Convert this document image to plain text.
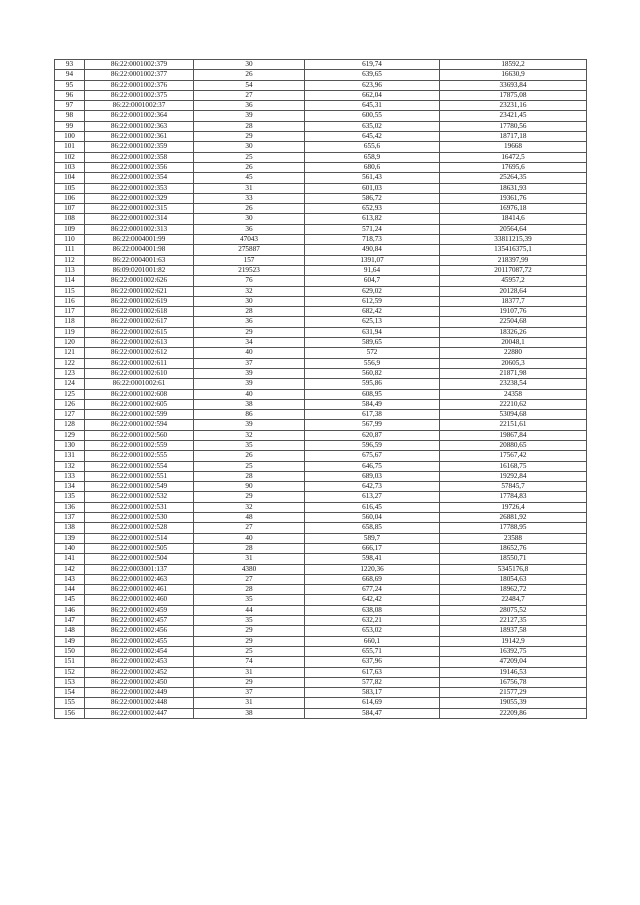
93	86:22:0001002:379	30	619,74	18592,2
94	86:22:0001002:377	26	639,65	16630,9
95	86:22:0001002:376	54	623,96	33693,84
96	86:22:0001002:375	27	662,04	17875,08
97	86:22:0001002:37	36	645,31	23231,16
98	86:22:0001002:364	39	600,55	23421,45
99	86:22:0001002:363	28	635,02	17780,56
100	86:22:0001002:361	29	645,42	18717,18
101	86:22:0001002:359	30	655,6	19668
102	86:22:0001002:358	25	658,9	16472,5
103	86:22:0001002:356	26	680,6	17695,6
104	86:22:0001002:354	45	561,43	25264,35
105	86:22:0001002:353	31	601,03	18631,93
106	86:22:0001002:329	33	586,72	19361,76
107	86:22:0001002:315	26	652,93	16976,18
108	86:22:0001002:314	30	613,82	18414,6
109	86:22:0001002:313	36	571,24	20564,64
110	86:22:0004001:99	47043	718,73	33811215,39
111	86:22:0004001:98	275887	490,84	135416375,1
112	86:22:0004001:63	157	1391,07	218397,99
113	86:09:0201001:82	219523	91,64	20117087,72
114	86:22:0001002:626	76	604,7	45957,2
115	86:22:0001002:621	32	629,02	20128,64
116	86:22:0001002:619	30	612,59	18377,7
117	86:22:0001002:618	28	682,42	19107,76
118	86:22:0001002:617	36	625,13	22504,68
119	86:22:0001002:615	29	631,94	18326,26
120	86:22:0001002:613	34	589,65	20048,1
121	86:22:0001002:612	40	572	22880
122	86:22:0001002:611	37	556,9	20605,3
123	86:22:0001002:610	39	560,82	21871,98
124	86:22:0001002:61	39	595,86	23238,54
125	86:22:0001002:608	40	608,95	24358
126	86:22:0001002:605	38	584,49	22210,62
127	86:22:0001002:599	86	617,38	53094,68
128	86:22:0001002:594	39	567,99	22151,61
129	86:22:0001002:560	32	620,87	19867,84
130	86:22:0001002:559	35	596,59	20880,65
131	86:22:0001002:555	26	675,67	17567,42
132	86:22:0001002:554	25	646,75	16168,75
133	86:22:0001002:551	28	689,03	19292,84
134	86:22:0001002:549	90	642,73	57845,7
135	86:22:0001002:532	29	613,27	17784,83
136	86:22:0001002:531	32	616,45	19726,4
137	86:22:0001002:530	48	560,04	26881,92
138	86:22:0001002:528	27	658,85	17788,95
139	86:22:0001002:514	40	589,7	23588
140	86:22:0001002:505	28	666,17	18652,76
141	86:22:0001002:504	31	598,41	18550,71
142	86:22:0003001:137	4380	1220,36	5345176,8
143	86:22:0001002:463	27	668,69	18054,63
144	86:22:0001002:461	28	677,24	18962,72
145	86:22:0001002:460	35	642,42	22484,7
146	86:22:0001002:459	44	638,08	28075,52
147	86:22:0001002:457	35	632,21	22127,35
148	86:22:0001002:456	29	653,02	18937,58
149	86:22:0001002:455	29	660,1	19142,9
150	86:22:0001002:454	25	655,71	16392,75
151	86:22:0001002:453	74	637,96	47209,04
152	86:22:0001002:452	31	617,63	19146,53
153	86:22:0001002:450	29	577,82	16756,78
154	86:22:0001002:449	37	583,17	21577,29
155	86:22:0001002:448	31	614,69	19055,39
156	86:22:0001002:447	38	584,47	22209,86
